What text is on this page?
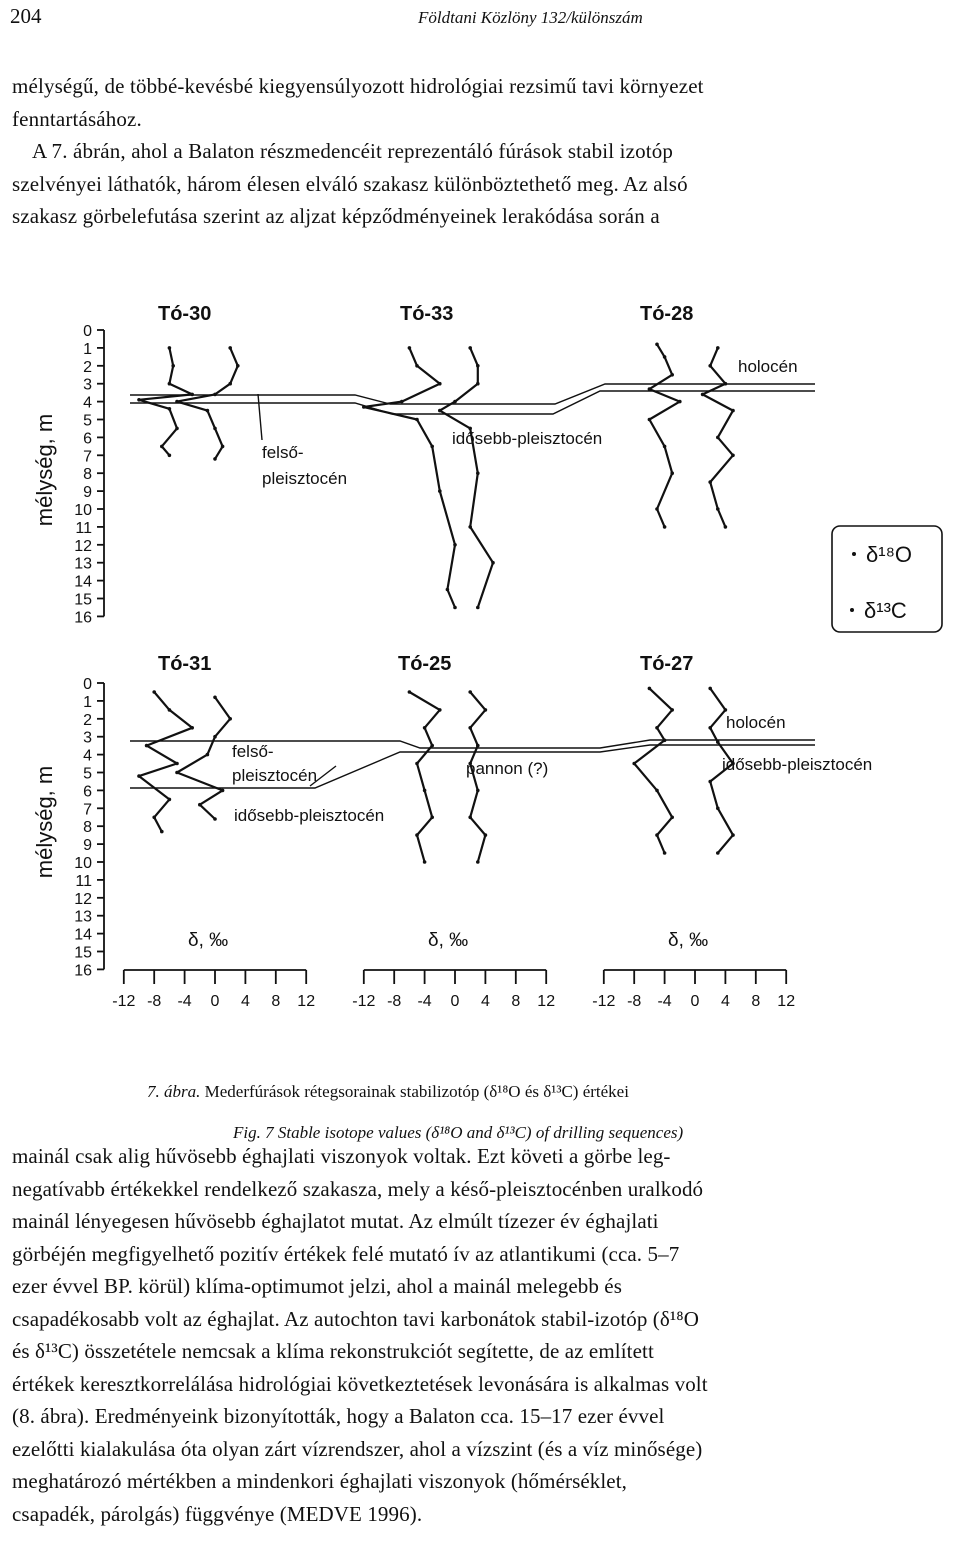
204	Földtani Közlöny 132/különszám
mélységű, de többé-kevésbé kiegyensúlyozott hidrológiai rezsimű tavi környezet
fenntartásához.
A 7. ábrán, ahol a Balaton részmedencéit reprezentáló fúrások stabil izotóp
szelvényei láthatók, három élesen elváló szakasz különböztethető meg. Az alsó
szakasz görbelefutása szerint az aljzat képződményeinek lerakódása során a
0
1
2
3
4
5
6
7
8
9
10
11
12
13
14
15
16
0
1
2
3
4
5
6
7
8
9
10
11
12
13
14
15
16
Tó-30	Tó-33	Tó-28
Tó-31	Tó-25	Tó-27
felső-
pleisztocén
idősebb-pleisztocén
holocén
felső-
pleisztocén
idősebb-pleisztocén
pannon (?)
holocén
idősebb-pleisztocén
-12 -8 -4 0 4 8 12 -12 -8 -4 0 4 8 12 -12 -8 -4 0 4 8 12
mélység, m
mélység, m
δ¹⁸O
δ¹³C
δ, ‰	δ, ‰	δ, ‰
7. ábra. Mederfúrások rétegsorainak stabilizotóp (δ¹⁸O és δ¹³C) értékei
Fig. 7 Stable isotope values (δ¹⁸O and δ¹³C) of drilling sequences)
mainál csak alig hűvösebb éghajlati viszonyok voltak. Ezt követi a görbe leg-
negatívabb értékekkel rendelkező szakasza, mely a késő-pleisztocénben uralkodó
mainál lényegesen hűvösebb éghajlatot mutat. Az elmúlt tízezer év éghajlati
görbéjén megfigyelhető pozitív értékek felé mutató ív az atlantikumi (cca. 5–7
ezer évvel BP. körül) klíma-optimumot jelzi, ahol a mainál melegebb és
csapadékosabb volt az éghajlat. Az autochton tavi karbonátok stabil-izotóp (δ¹⁸O
és δ¹³C) összetétele nemcsak a klíma rekonstrukciót segítette, de az említett
értékek keresztkorrelálása hidrológiai következtetések levonására is alkalmas volt
(8. ábra). Eredményeink bizonyították, hogy a Balaton cca. 15–17 ezer évvel
ezelőtti kialakulása óta olyan zárt vízrendszer, ahol a vízszint (és a víz minősége)
meghatározó mértékben a mindenkori éghajlati viszonyok (hőmérséklet,
csapadék, párolgás) függvénye (MEDVE 1996).
